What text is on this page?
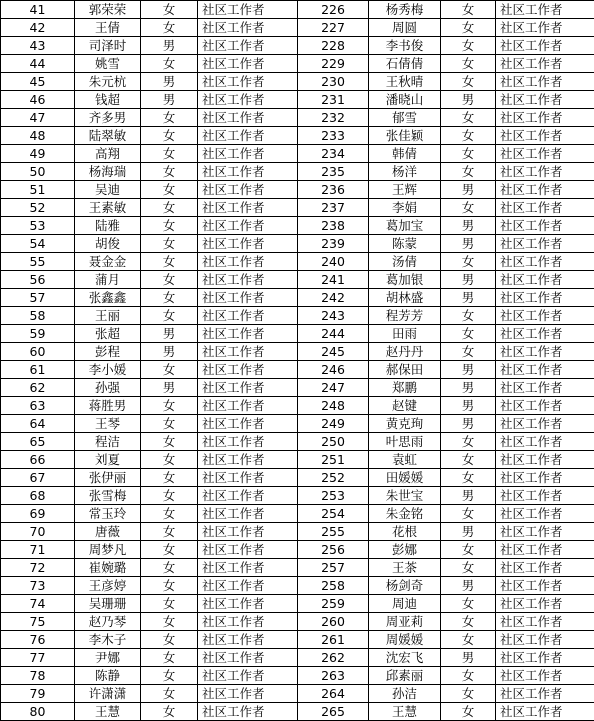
41	郭荣荣	女	社区工作者	226	杨秀梅	女	社区工作者
42	王倩	女	社区工作者	227	周圆	女	社区工作者
43	司泽时	男	社区工作者	228	李书俊	女	社区工作者
44	姚雪	女	社区工作者	229	石倩倩	女	社区工作者
45	朱元杭	男	社区工作者	230	王秋晴	女	社区工作者
46	钱超	男	社区工作者	231	潘晓山	男	社区工作者
47	齐多男	女	社区工作者	232	郁雪	女	社区工作者
48	陆翠敏	女	社区工作者	233	张佳颖	女	社区工作者
49	高翔	女	社区工作者	234	韩倩	女	社区工作者
50	杨海瑞	女	社区工作者	235	杨洋	女	社区工作者
51	吴迪	女	社区工作者	236	王辉	男	社区工作者
52	王素敏	女	社区工作者	237	李娟	女	社区工作者
53	陆雅	女	社区工作者	238	葛加宝	男	社区工作者
54	胡俊	女	社区工作者	239	陈蒙	男	社区工作者
55	聂金金	女	社区工作者	240	汤倩	女	社区工作者
56	蒲月	女	社区工作者	241	葛加银	男	社区工作者
57	张鑫鑫	女	社区工作者	242	胡林盛	男	社区工作者
58	王丽	女	社区工作者	243	程芳芳	女	社区工作者
59	张超	男	社区工作者	244	田雨	女	社区工作者
60	彭程	男	社区工作者	245	赵丹丹	女	社区工作者
61	李小媛	女	社区工作者	246	郝保田	男	社区工作者
62	孙强	男	社区工作者	247	郑鹏	男	社区工作者
63	蒋胜男	女	社区工作者	248	赵键	男	社区工作者
64	王琴	女	社区工作者	249	黄克珣	男	社区工作者
65	程洁	女	社区工作者	250	叶思雨	女	社区工作者
66	刘夏	女	社区工作者	251	袁虹	女	社区工作者
67	张伊丽	女	社区工作者	252	田媛媛	女	社区工作者
68	张雪梅	女	社区工作者	253	朱世宝	男	社区工作者
69	常玉玲	女	社区工作者	254	朱金铭	女	社区工作者
70	唐薇	女	社区工作者	255	花根	男	社区工作者
71	周梦凡	女	社区工作者	256	彭娜	女	社区工作者
72	崔婉璐	女	社区工作者	257	王茶	女	社区工作者
73	王彦婷	女	社区工作者	258	杨剑奇	男	社区工作者
74	吴珊珊	女	社区工作者	259	周迪	女	社区工作者
75	赵乃琴	女	社区工作者	260	周亚莉	女	社区工作者
76	李木子	女	社区工作者	261	周媛媛	女	社区工作者
77	尹娜	女	社区工作者	262	沈宏飞	男	社区工作者
78	陈静	女	社区工作者	263	邱素丽	女	社区工作者
79	许潇潇	女	社区工作者	264	孙洁	女	社区工作者
80	王慧	女	社区工作者	265	王慧	女	社区工作者
